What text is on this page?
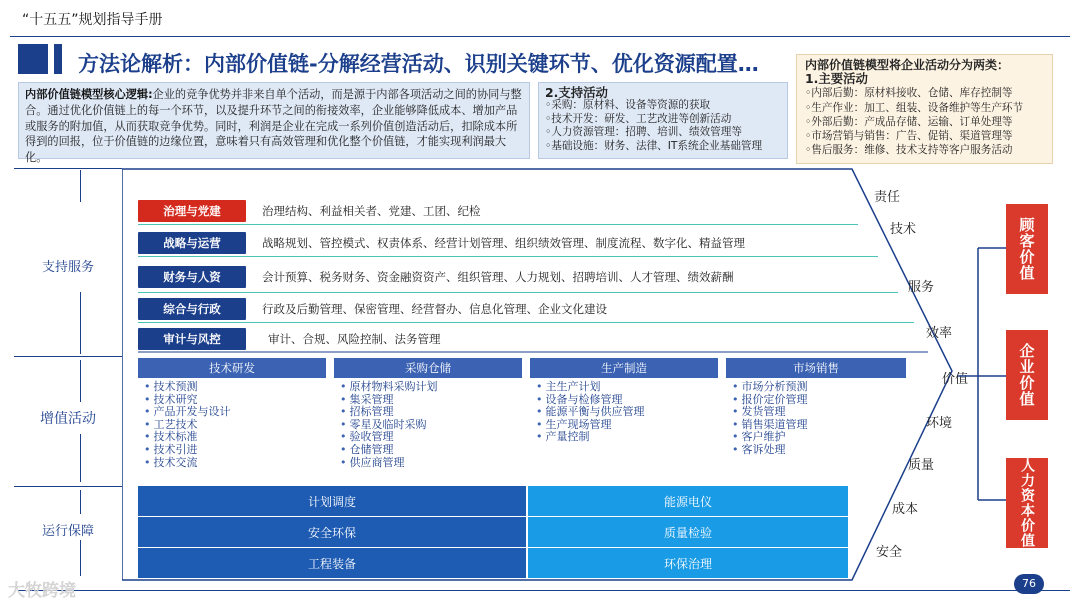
“十五五”规划指导手册
方法论解析：内部价值链-分解经营活动、识别关键环节、优化资源配置…
内部价值链模型核心逻辑:企业的竞争优势并非来自单个活动，而是源于内部各项活动之间的协同与整合。通过优化价值链上的每一个环节，以及提升环节之间的衔接效率，企业能够降低成本、增加产品或服务的附加值，从而获取竞争优势。同时，利润是企业在完成一系列价值创造活动后，扣除成本所得到的回报，位于价值链的边缘位置，意味着只有高效管理和优化整个价值链，才能实现利润最大化。
2.支持活动
◦采购：原材料、设备等资源的获取
◦技术开发：研发、工艺改进等创新活动
◦人力资源管理：招聘、培训、绩效管理等
◦基础设施：财务、法律、IT系统企业基础管理
内部价值链模型将企业活动分为两类：
1.主要活动
◦内部后勤：原材料接收、仓储、库存控制等
◦生产作业：加工、组装、设备维护等生产环节
◦外部后勤：产成品存储、运输、订单处理等
◦市场营销与销售：广告、促销、渠道管理等
◦售后服务：维修、技术支持等客户服务活动
支持服务
增值活动
运行保障
治理与党建	治理结构、利益相关者、党建、工团、纪检
战略与运营	战略规划、管控模式、权责体系、经营计划管理、组织绩效管理、制度流程、数字化、精益管理
财务与人资	会计预算、税务财务、资金融资资产、组织管理、人力规划、招聘培训、人才管理、绩效薪酬
综合与行政	行政及后勤管理、保密管理、经营督办、信息化管理、企业文化建设
审计与风控	审计、合规、风险控制、法务管理
技术研发
• 技术预测
• 技术研究
• 产品开发与设计
• 工艺技术
• 技术标准
• 技术引进
• 技术交流
采购仓储
• 原材物料采购计划
• 集采管理
• 招标管理
• 零星及临时采购
• 验收管理
• 仓储管理
• 供应商管理
生产制造
• 主生产计划
• 设备与检修管理
• 能源平衡与供应管理
• 生产现场管理
• 产量控制
市场销售
• 市场分析预测
• 报价定价管理
• 发货管理
• 销售渠道管理
• 客户维护
• 客诉处理
计划调度	能源电仪
安全环保	质量检验
工程装备	环保治理
责任
技术
服务
效率
价值
环境
质量
成本
安全
顾客价值
企业价值
人力资本价值
大牧跨境	76
